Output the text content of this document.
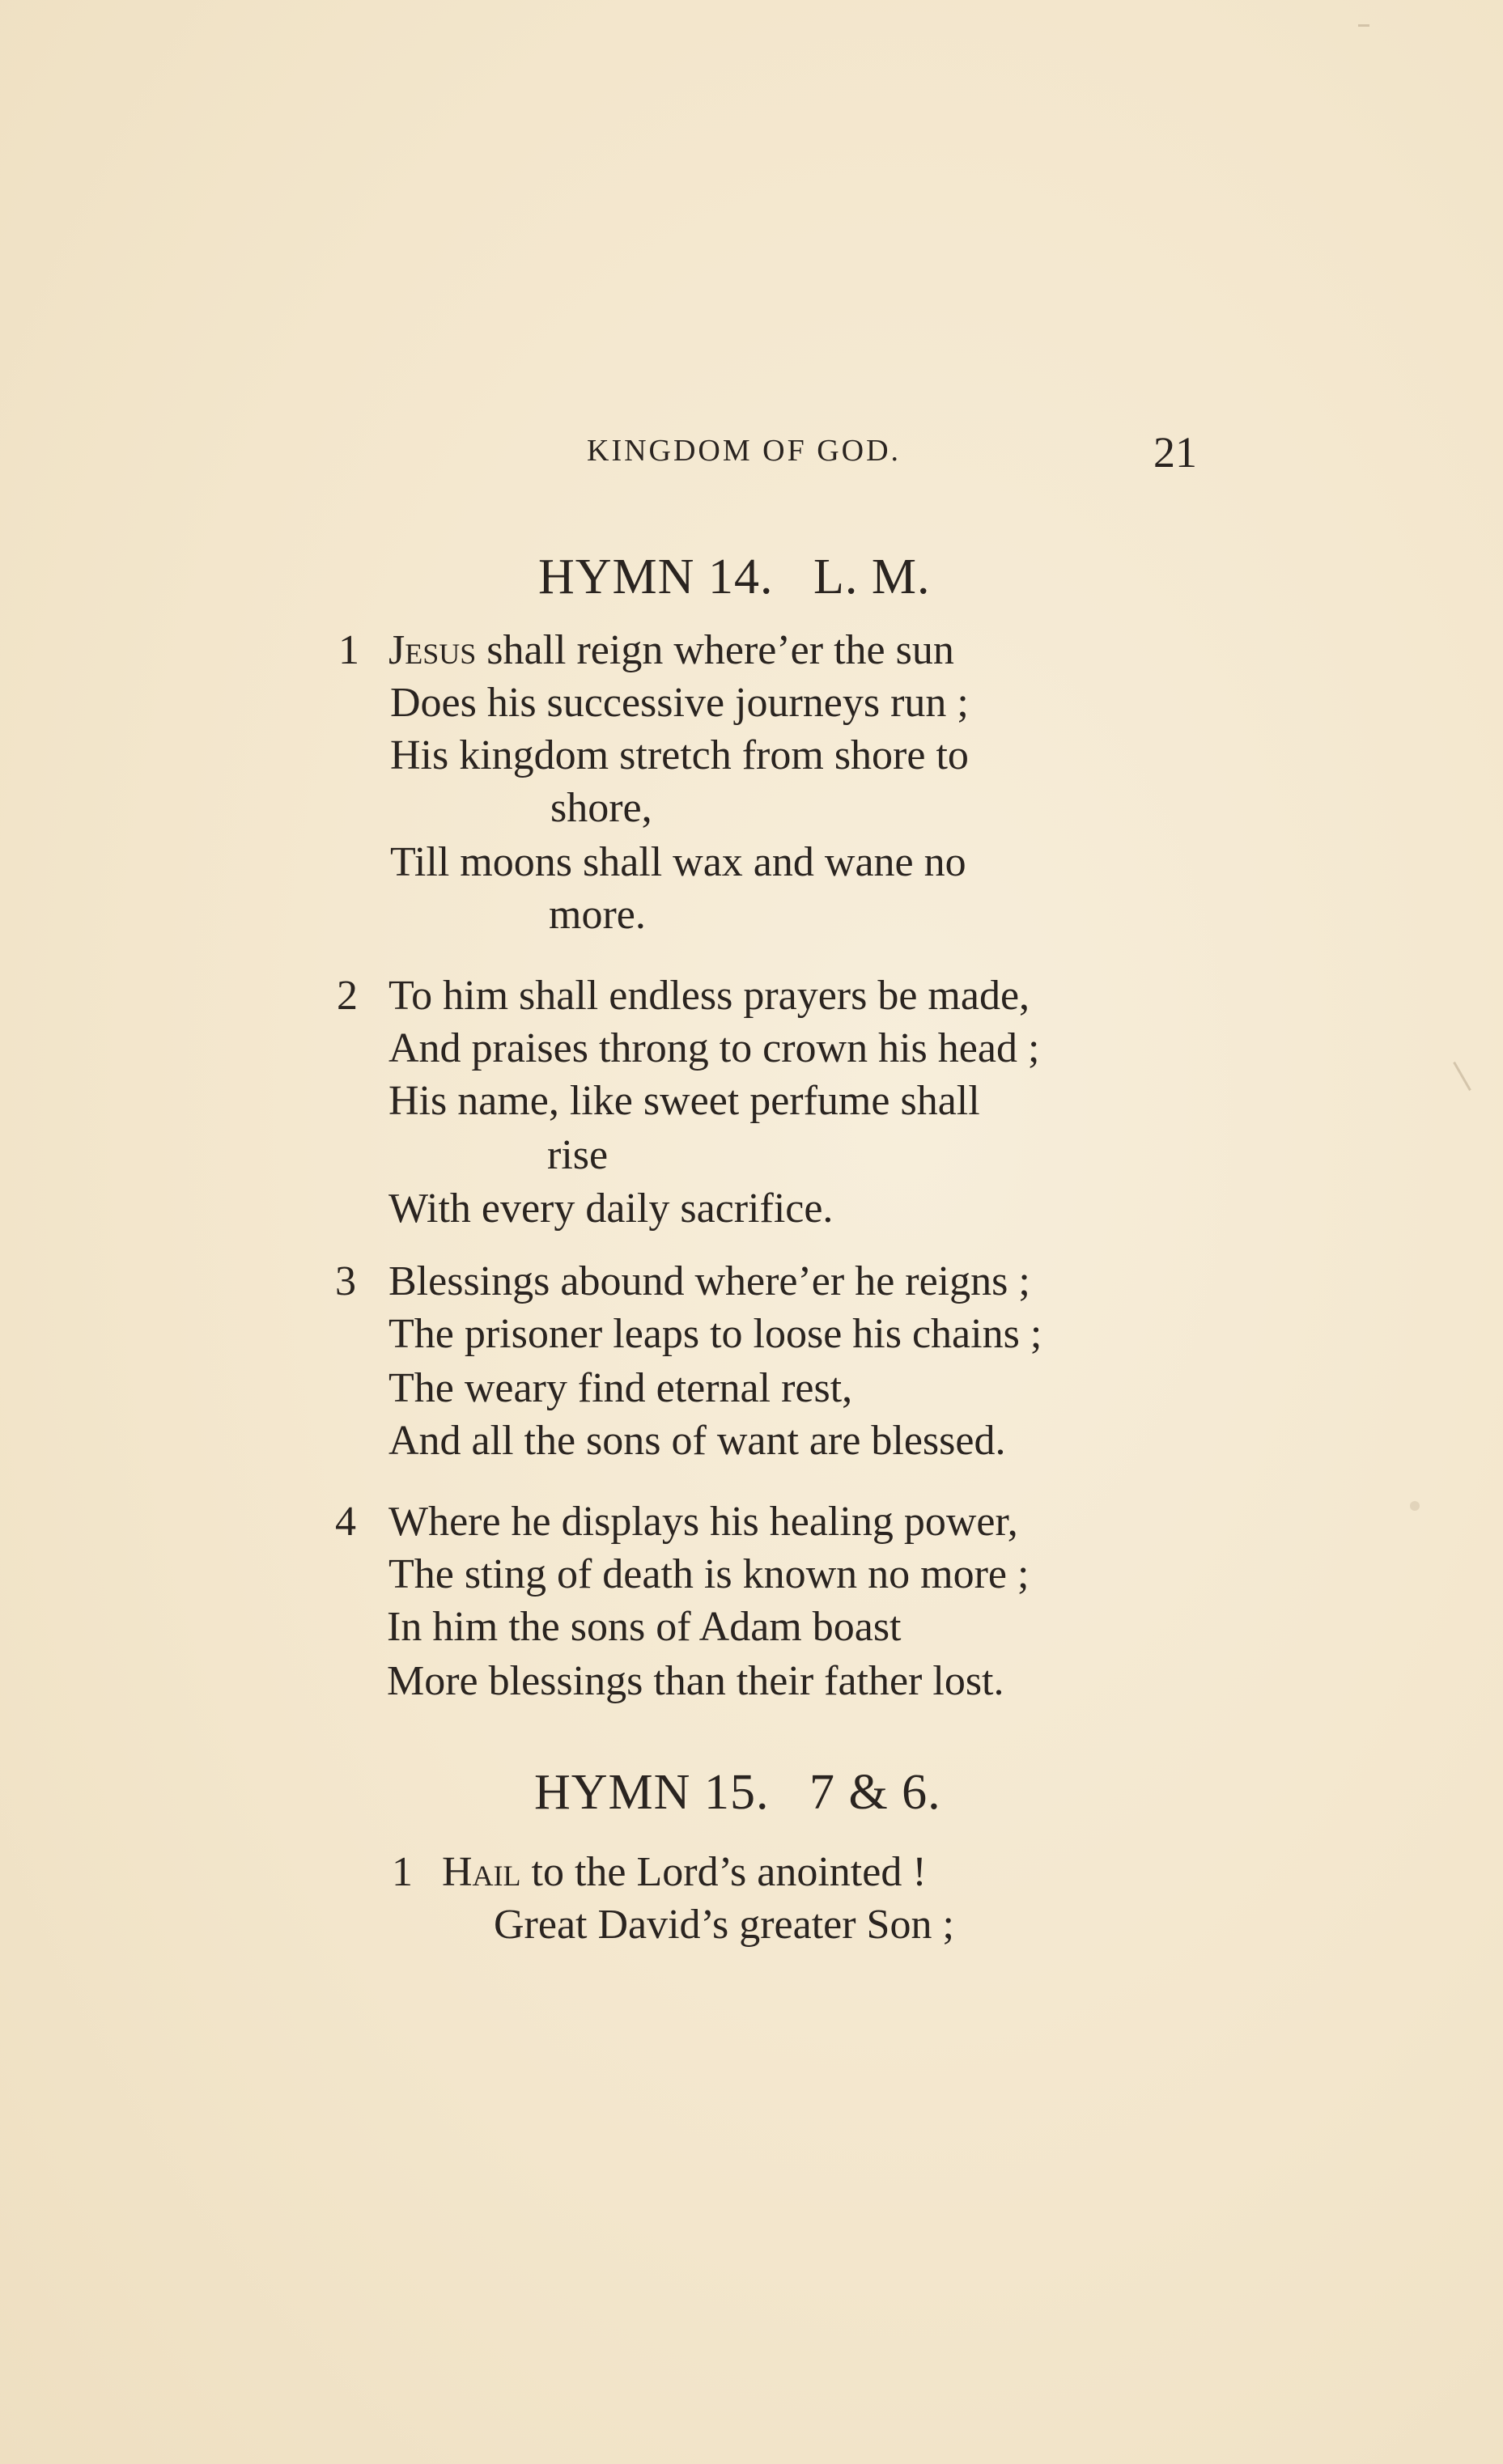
KINGDOM OF GOD.	21
HYMN 14.   L. M.
1 Jesus shall reign where’er the sun
Does his successive journeys run ;
His kingdom stretch from shore to
shore,
Till moons shall wax and wane no
more.
2 To him shall endless prayers be made,
And praises throng to crown his head ;
His name, like sweet perfume shall
rise
With every daily sacrifice.
3 Blessings abound where’er he reigns ;
The prisoner leaps to loose his chains ;
The weary find eternal rest,
And all the sons of want are blessed.
4 Where he displays his healing power,
The sting of death is known no more ;
In him the sons of Adam boast
More blessings than their father lost.
HYMN 15.   7 & 6.
1 Hail to the Lord’s anointed !
Great David’s greater Son ;
